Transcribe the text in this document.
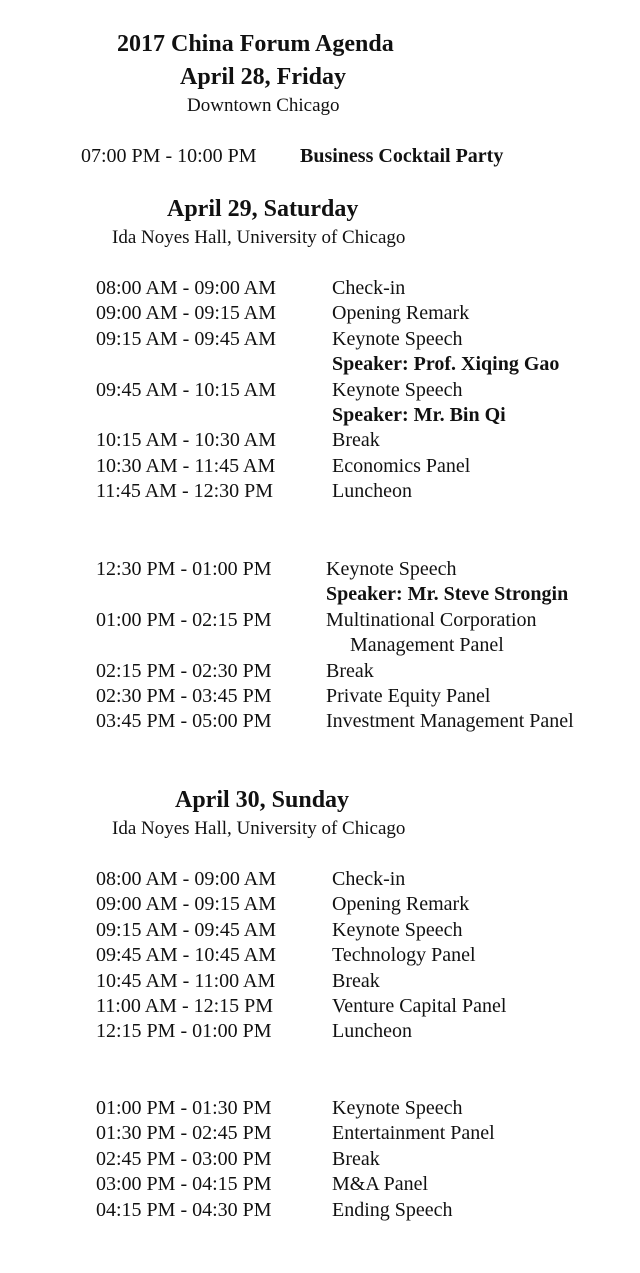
2017 China Forum Agenda
April 28, Friday
Downtown Chicago
07:00 PM - 10:00 PM Business Cocktail Party
April 29, Saturday
Ida Noyes Hall, University of Chicago
08:00 AM - 09:00 AM	Check-in
09:00 AM - 09:15 AM	Opening Remark
09:15 AM - 09:45 AM	Keynote Speech
Speaker: Prof. Xiqing Gao
09:45 AM - 10:15 AM	Keynote Speech
Speaker: Mr. Bin Qi
10:15 AM - 10:30 AM	Break
10:30 AM - 11:45 AM	Economics Panel
11:45 AM - 12:30 PM	Luncheon
12:30 PM - 01:00 PM	Keynote Speech
Speaker: Mr. Steve Strongin
01:00 PM - 02:15 PM	Multinational Corporation
Management Panel
02:15 PM - 02:30 PM	Break
02:30 PM - 03:45 PM	Private Equity Panel
03:45 PM - 05:00 PM	Investment Management Panel
April 30, Sunday
Ida Noyes Hall, University of Chicago
08:00 AM - 09:00 AM	Check-in
09:00 AM - 09:15 AM	Opening Remark
09:15 AM - 09:45 AM	Keynote Speech
09:45 AM - 10:45 AM	Technology Panel
10:45 AM - 11:00 AM	Break
11:00 AM - 12:15 PM	Venture Capital Panel
12:15 PM - 01:00 PM	Luncheon
01:00 PM - 01:30 PM	Keynote Speech
01:30 PM - 02:45 PM	Entertainment Panel
02:45 PM - 03:00 PM	Break
03:00 PM - 04:15 PM	M&A Panel
04:15 PM - 04:30 PM	Ending Speech
